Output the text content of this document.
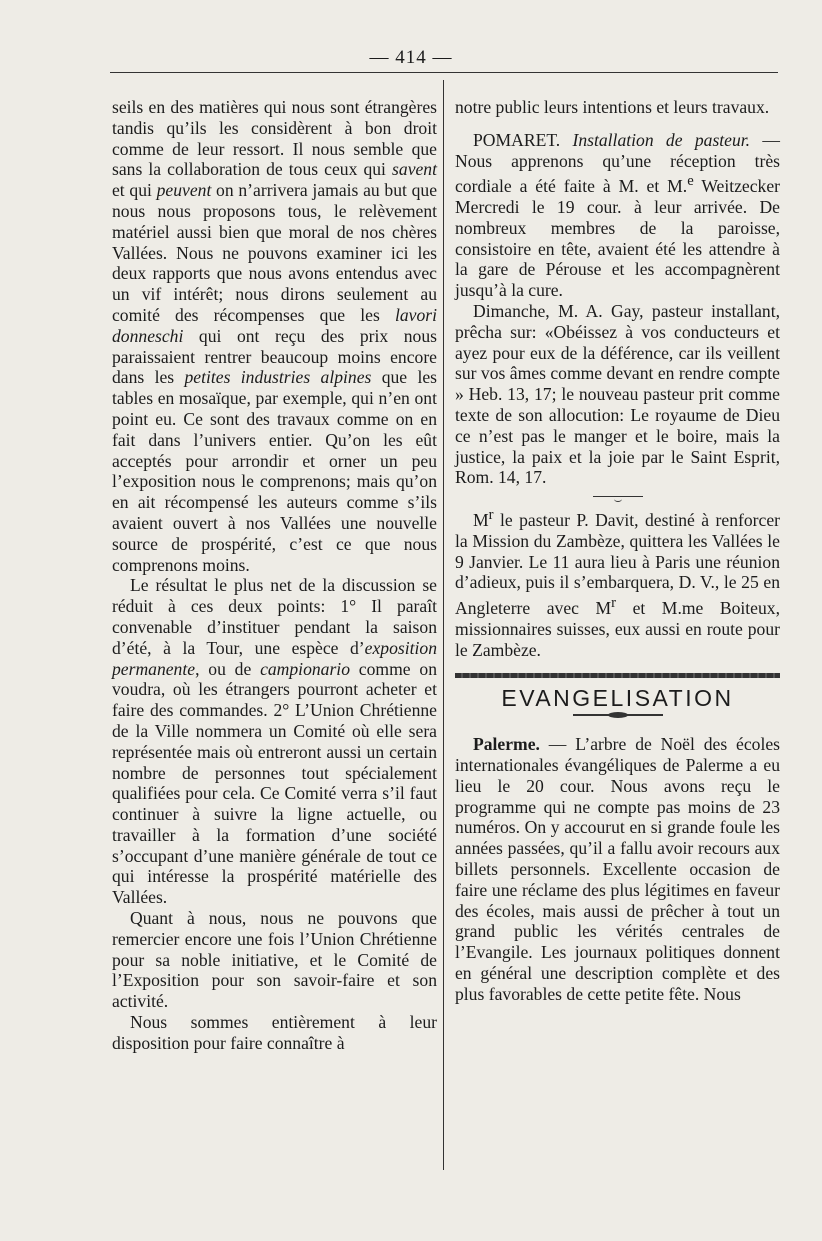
— 414 —

seils en des matières qui nous sont étrangères tandis qu’ils les considèrent à bon droit comme de leur ressort. Il nous semble que sans la collaboration de tous ceux qui savent et qui peuvent on n’arrivera jamais au but que nous nous proposons tous, le relèvement matériel aussi bien que moral de nos chères Vallées. Nous ne pouvons examiner ici les deux rapports que nous avons entendus avec un vif intérêt; nous dirons seulement au comité des récompenses que les lavori donneschi qui ont reçu des prix nous paraissaient rentrer beaucoup moins encore dans les petites industries alpines que les tables en mosaïque, par exemple, qui n’en ont point eu. Ce sont des travaux comme on en fait dans l’univers entier. Qu’on les eût acceptés pour arrondir et orner un peu l’exposition nous le comprenons; mais qu’on en ait récompensé les auteurs comme s’ils avaient ouvert à nos Vallées une nouvelle source de prospérité, c’est ce que nous comprenons moins.

Le résultat le plus net de la discussion se réduit à ces deux points: 1° Il paraît convenable d’instituer pendant la saison d’été, à la Tour, une espèce d’exposition permanente, ou de campionario comme on voudra, où les étrangers pourront acheter et faire des commandes. 2° L’Union Chrétienne de la Ville nommera un Comité où elle sera représentée mais où entreront aussi un certain nombre de personnes tout spécialement qualifiées pour cela. Ce Comité verra s’il faut continuer à suivre la ligne actuelle, ou travailler à la formation d’une société s’occupant d’une manière générale de tout ce qui intéresse la prospérité matérielle des Vallées.

Quant à nous, nous ne pouvons que remercier encore une fois l’Union Chrétienne pour sa noble initiative, et le Comité de l’Exposition pour son savoir-faire et son activité.

Nous sommes entièrement à leur disposition pour faire connaître à

notre public leurs intentions et leurs travaux.

POMARET. Installation de pasteur. — Nous apprenons qu’une réception très cordiale a été faite à M. et M.$^e$ Weitzecker Mercredi le 19 cour. à leur arrivée. De nombreux membres de la paroisse, consistoire en tête, avaient été les attendre à la gare de Pérouse et les accompagnèrent jusqu’à la cure.

Dimanche, M. A. Gay, pasteur installant, prêcha sur: «Obéissez à vos conducteurs et ayez pour eux de la déférence, car ils veillent sur vos âmes comme devant en rendre compte » Heb. 13, 17; le nouveau pasteur prit comme texte de son allocution: Le royaume de Dieu ce n’est pas le manger et le boire, mais la justice, la paix et la joie par le Saint Esprit, Rom. 14, 17.

$M^r$ le pasteur P. Davit, destiné à renforcer la Mission du Zambèze, quittera les Vallées le 9 Janvier. Le 11 aura lieu à Paris une réunion d’adieux, puis il s’embarquera, D. V., le 25 en Angleterre avec $M^r$ et M.me Boiteux, missionnaires suisses, eux aussi en route pour le Zambèze.

EVANGELISATION

Palerme. — L’arbre de Noël des écoles internationales évangéliques de Palerme a eu lieu le 20 cour. Nous avons reçu le programme qui ne compte pas moins de 23 numéros. On y accourut en si grande foule les années passées, qu’il a fallu avoir recours aux billets personnels. Excellente occasion de faire une réclame des plus légitimes en faveur des écoles, mais aussi de prêcher à tout un grand public les vérités centrales de l’Evangile. Les journaux politiques donnent en général une description complète et des plus favorables de cette petite fête. Nous
